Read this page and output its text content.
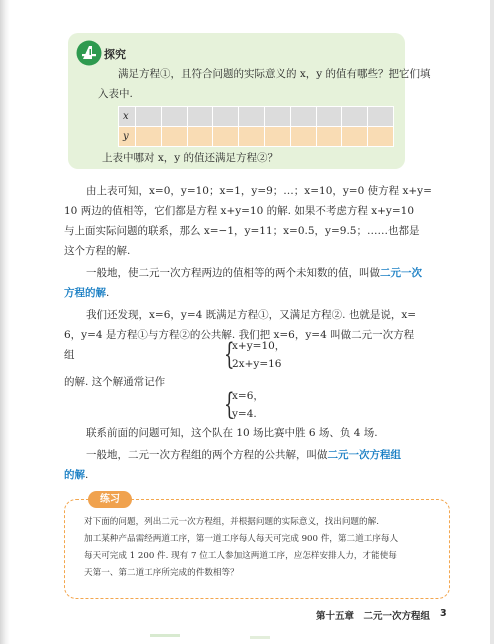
探究
满足方程①，且符合问题的实际意义的 x，y 的值有哪些？把它们填
入表中.
x										
y										
上表中哪对 x，y 的值还满足方程②？
由上表可知，x=0，y=10；x=1，y=9；…；x=10，y=0 使方程 x+y=
10 两边的值相等，它们都是方程 x+y=10 的解. 如果不考虑方程 x+y=10
与上面实际问题的联系，那么 x=−1，y=11；x=0.5，y=9.5；……也都是
这个方程的解.
一般地，使二元一次方程两边的值相等的两个未知数的值，叫做二元一次
方程的解.
我们还发现，x=6，y=4 既满足方程①，又满足方程②. 也就是说，x=
6，y=4 是方程①与方程②的公共解. 我们把 x=6，y=4 叫做二元一次方程
组	{
x+y=10，
2x+y=16
的解. 这个解通常记作
{
x=6，
y=4.
联系前面的问题可知，这个队在 10 场比赛中胜 6 场、负 4 场.
一般地，二元一次方程组的两个方程的公共解，叫做二元一次方程组
的解.
练习
对下面的问题，列出二元一次方程组，并根据问题的实际意义，找出问题的解.
加工某种产品需经两道工序，第一道工序每人每天可完成 900 件，第二道工序每人
每天可完成 1 200 件. 现有 7 位工人参加这两道工序，应怎样安排人力，才能使每
天第一、第二道工序所完成的件数相等？
第十五章　二元一次方程组 3
